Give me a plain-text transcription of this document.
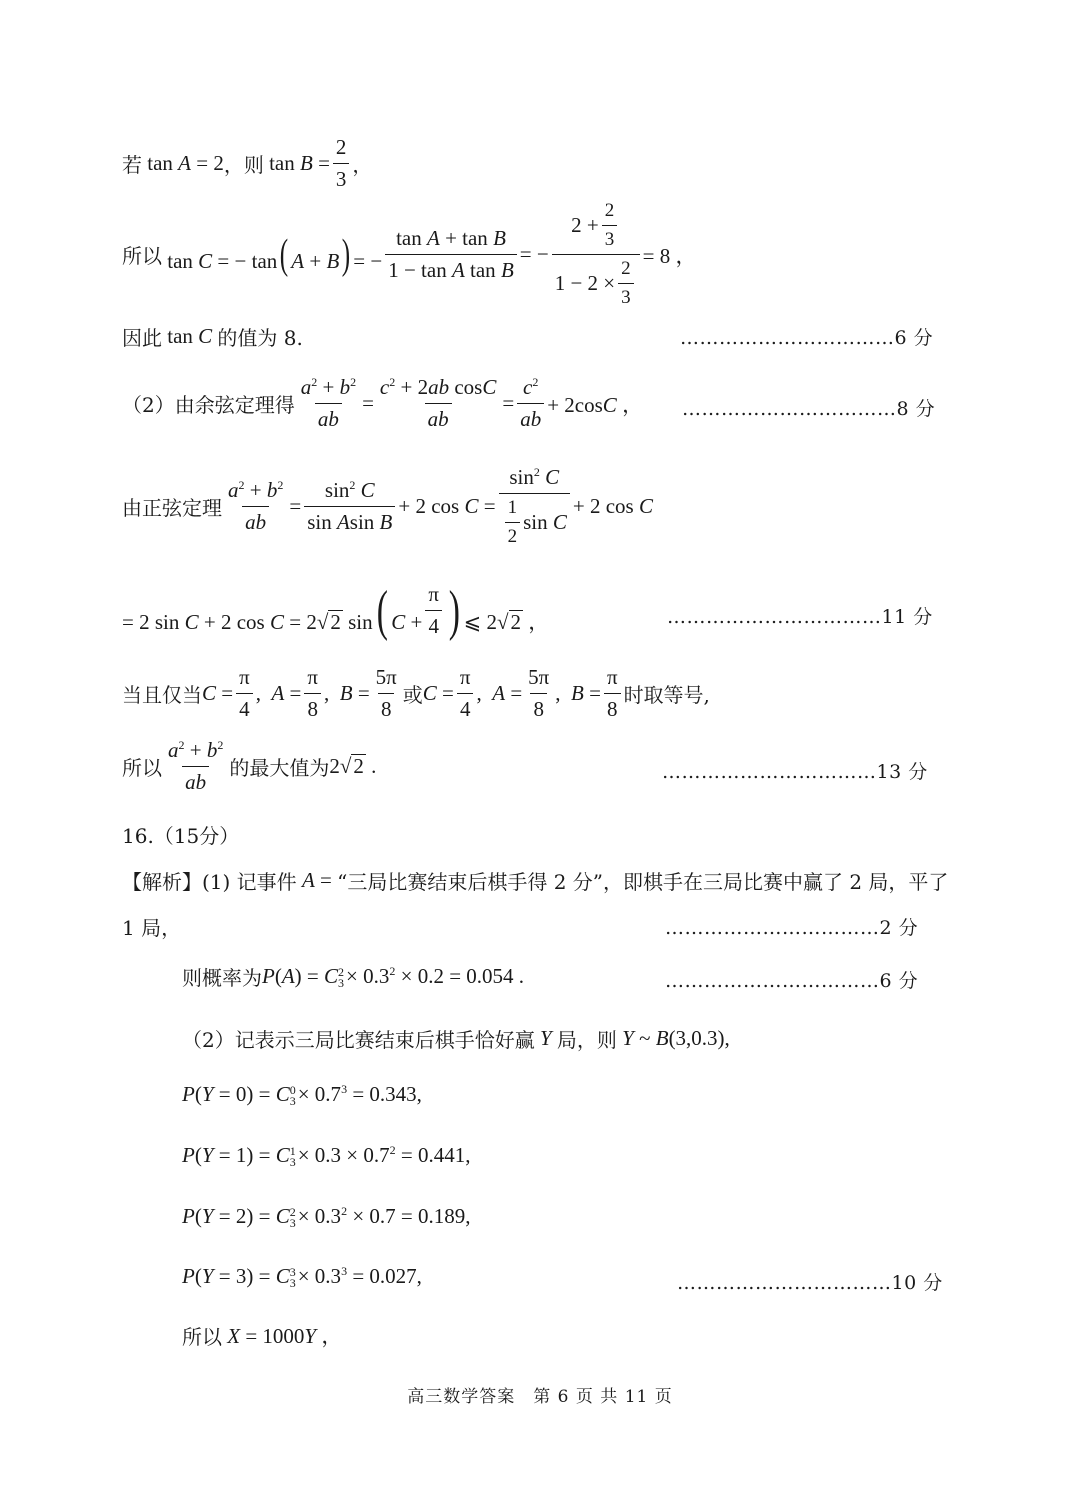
若 tan A = 2 ，则 $\tan B = \frac{2}{3}$ ，
所以 tan C = − tan( A + B) = − $\frac{\text{tan A + tan B}}{\text{1 − tan A tan B}}$ = − 2 +
2
3
1 − 2 ×
2
3 = 8 ，
因此 tan C 的值为 8.	……………………………6 分
（2）由余弦定理得 $\frac{a^2 + b^2}{ab} = \frac{c^2 + 2ab \cos C}{ab} = \frac{c^2}{ab} + 2\cos C$ ， ……………………………8 分
由正弦定理 $\frac{a^2 + b^2}{ab} = \frac{\sin^2 C}{\text{sin Asin B}} + 2$ $\cos C = \sin^2 C$
1
2
sin C + 2 cos C
= 2 sin C + 2 cos C = 2√2 sin( $C + \frac{\pi}{4}$ ) ⩽ 2√2 ，	……………………………11 分
当且仅当 $C = \frac{\pi}{4}$ ,  $A = \frac{\pi}{8}$ ,  $B = \frac{5\pi}{8}$ 或 $C = \frac{\pi}{4}$ ,  $A = \frac{5\pi}{8}$ ,  $B = \frac{\pi}{8}$ 时取等号,
所以
$a^2 + b^2$
ab
的最大值为 2√2 .	……………………………13 分
16.（15分）
【解析】(1) 记事件 A = “三局比赛结束后棋手得 2 分”，即棋手在三局比赛中赢了 2 局，平了
1 局，	……………………………2 分
则概率为 P(A) = C 2
$3 \times 0.3^2 \times 0.2 = 0.054$ .	……………………………6 分
（2）记表示三局比赛结束后棋手恰好赢 Y 局，则 Y ~ B(3,0.3),
P(Y = 0) = C 0
$3 \times 0.7^3 = 0.343$,
P(Y = 1) = C 1
$3 \times 0.3 \times 0.7^2 = 0.441$,
P(Y = 2) = C 2
$3 \times 0.3^2 \times 0.7 = 0.189$,
P(Y = 3) = C 3
$3 \times 0.3^3 = 0.027$,	……………………………10 分
所以 X = 1000Y ，
高三数学答案　第 6 页 共 11 页
